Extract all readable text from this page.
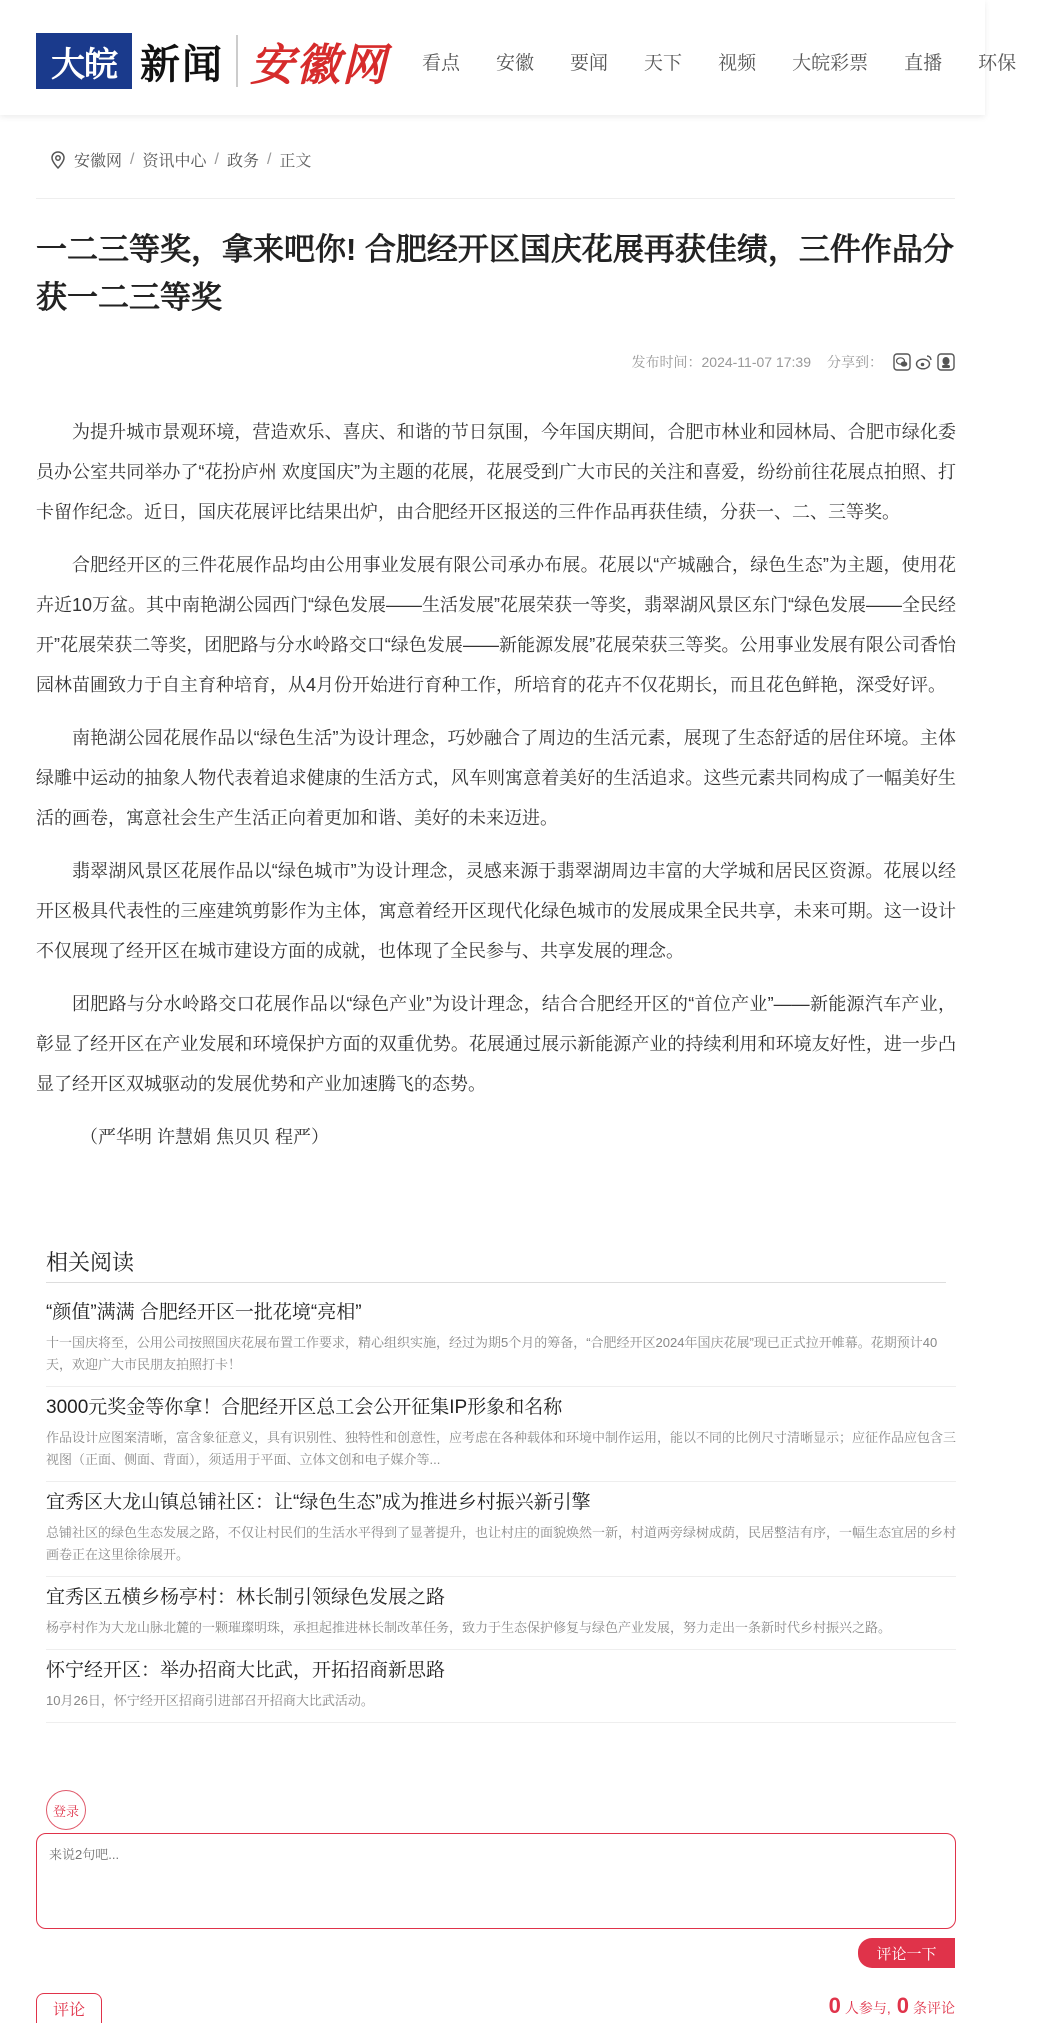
大皖 新闻 安徽网 看点 安徽 要闻 天下 视频 大皖彩票 直播 环保
安徽网 / 资讯中心 / 政务 / 正文
一二三等奖，拿来吧你! 合肥经开区国庆花展再获佳绩，三件作品分获一二三等奖
发布时间： 2024-11-07 17:39 分享到：

为提升城市景观环境，营造欢乐、喜庆、和谐的节日氛围，今年国庆期间，合肥市林业和园林局、合肥市绿化委员办公室共同举办了“花扮庐州 欢度国庆”为主题的花展，花展受到广大市民的关注和喜爱，纷纷前往花展点拍照、打卡留作纪念。近日，国庆花展评比结果出炉，由合肥经开区报送的三件作品再获佳绩，分获一、二、三等奖。

合肥经开区的三件花展作品均由公用事业发展有限公司承办布展。花展以“产城融合，绿色生态”为主题，使用花卉近10万盆。其中南艳湖公园西门“绿色发展——生活发展”花展荣获一等奖，翡翠湖风景区东门“绿色发展——全民经开”花展荣获二等奖，团肥路与分水岭路交口“绿色发展——新能源发展”花展荣获三等奖。公用事业发展有限公司香怡园林苗圃致力于自主育种培育，从4月份开始进行育种工作，所培育的花卉不仅花期长，而且花色鲜艳，深受好评。

南艳湖公园花展作品以“绿色生活”为设计理念，巧妙融合了周边的生活元素，展现了生态舒适的居住环境。主体绿雕中运动的抽象人物代表着追求健康的生活方式，风车则寓意着美好的生活追求。这些元素共同构成了一幅美好生活的画卷，寓意社会生产生活正向着更加和谐、美好的未来迈进。

翡翠湖风景区花展作品以“绿色城市”为设计理念，灵感来源于翡翠湖周边丰富的大学城和居民区资源。花展以经开区极具代表性的三座建筑剪影作为主体，寓意着经开区现代化绿色城市的发展成果全民共享，未来可期。这一设计不仅展现了经开区在城市建设方面的成就，也体现了全民参与、共享发展的理念。

团肥路与分水岭路交口花展作品以“绿色产业”为设计理念，结合合肥经开区的“首位产业”——新能源汽车产业，彰显了经开区在产业发展和环境保护方面的双重优势。花展通过展示新能源产业的持续利用和环境友好性，进一步凸显了经开区双城驱动的发展优势和产业加速腾飞的态势。

（严华明 许慧娟 焦贝贝 程严）

相关阅读
“颜值”满满 合肥经开区一批花境“亮相”
十一国庆将至，公用公司按照国庆花展布置工作要求，精心组织实施，经过为期5个月的筹备，“合肥经开区2024年国庆花展”现已正式拉开帷幕。花期预计40天，欢迎广大市民朋友拍照打卡！
3000元奖金等你拿！合肥经开区总工会公开征集IP形象和名称
作品设计应图案清晰，富含象征意义，具有识别性、独特性和创意性，应考虑在各种载体和环境中制作运用，能以不同的比例尺寸清晰显示；应征作品应包含三视图（正面、侧面、背面），须适用于平面、立体文创和电子媒介等...
宜秀区大龙山镇总铺社区：让“绿色生态”成为推进乡村振兴新引擎
总铺社区的绿色生态发展之路，不仅让村民们的生活水平得到了显著提升，也让村庄的面貌焕然一新，村道两旁绿树成荫，民居整洁有序，一幅生态宜居的乡村画卷正在这里徐徐展开。
宜秀区五横乡杨亭村：林长制引领绿色发展之路
杨亭村作为大龙山脉北麓的一颗璀璨明珠，承担起推进林长制改革任务，致力于生态保护修复与绿色产业发展，努力走出一条新时代乡村振兴之路。
怀宁经开区：举办招商大比武，开拓招商新思路
10月26日，怀宁经开区招商引进部召开招商大比武活动。
登录
来说2句吧...
评论一下
评论	0 人参与, 0 条评论
